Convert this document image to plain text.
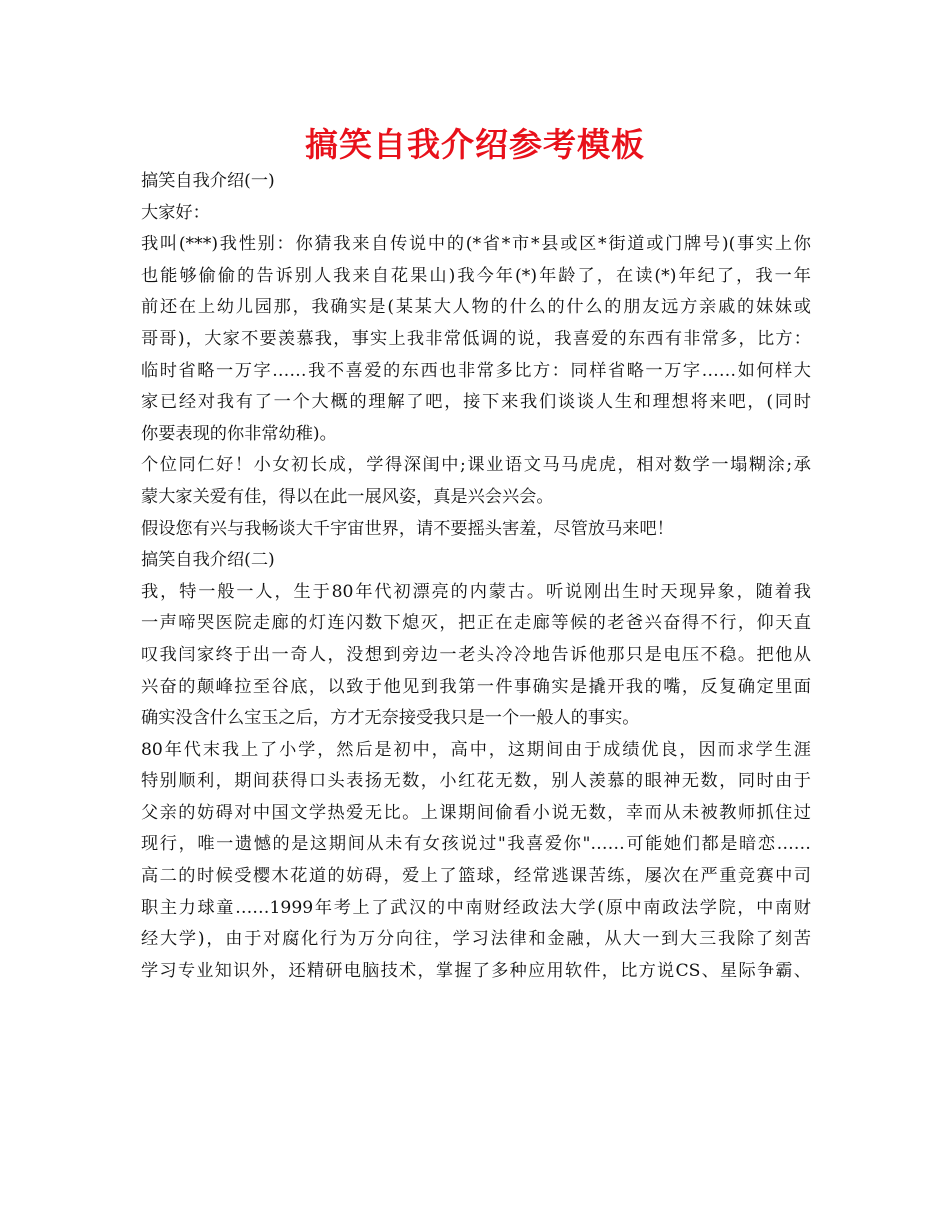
搞笑自我介绍参考模板
搞笑自我介绍(一)
大家好：
我叫(***)我性别：你猜我来自传说中的(*省*市*县或区*街道或门牌号)(事实上你
也能够偷偷的告诉别人我来自花果山)我今年(*)年龄了，在读(*)年纪了，我一年
前还在上幼儿园那，我确实是(某某大人物的什么的什么的朋友远方亲戚的妹妹或
哥哥)，大家不要羡慕我，事实上我非常低调的说，我喜爱的东西有非常多，比方：
临时省略一万字……我不喜爱的东西也非常多比方：同样省略一万字……如何样大
家已经对我有了一个大概的理解了吧，接下来我们谈谈人生和理想将来吧，(同时
你要表现的你非常幼稚)。
个位同仁好！小女初长成，学得深闺中;课业语文马马虎虎，相对数学一塌糊涂;承
蒙大家关爱有佳，得以在此一展风姿，真是兴会兴会。
假设您有兴与我畅谈大千宇宙世界，请不要摇头害羞，尽管放马来吧！
搞笑自我介绍(二)
我，特一般一人，生于80年代初漂亮的内蒙古。听说刚出生时天现异象，随着我
一声啼哭医院走廊的灯连闪数下熄灭，把正在走廊等候的老爸兴奋得不行，仰天直
叹我闫家终于出一奇人，没想到旁边一老头冷冷地告诉他那只是电压不稳。把他从
兴奋的颠峰拉至谷底，以致于他见到我第一件事确实是撬开我的嘴，反复确定里面
确实没含什么宝玉之后，方才无奈接受我只是一个一般人的事实。
80年代末我上了小学，然后是初中，高中，这期间由于成绩优良，因而求学生涯
特别顺利，期间获得口头表扬无数，小红花无数，别人羡慕的眼神无数，同时由于
父亲的妨碍对中国文学热爱无比。上课期间偷看小说无数，幸而从未被教师抓住过
现行，唯一遗憾的是这期间从未有女孩说过"我喜爱你"……可能她们都是暗恋……
高二的时候受樱木花道的妨碍，爱上了篮球，经常逃课苦练，屡次在严重竞赛中司
职主力球童……1999年考上了武汉的中南财经政法大学(原中南政法学院，中南财
经大学)，由于对腐化行为万分向往，学习法律和金融，从大一到大三我除了刻苦
学习专业知识外，还精研电脑技术，掌握了多种应用软件，比方说CS、星际争霸、
